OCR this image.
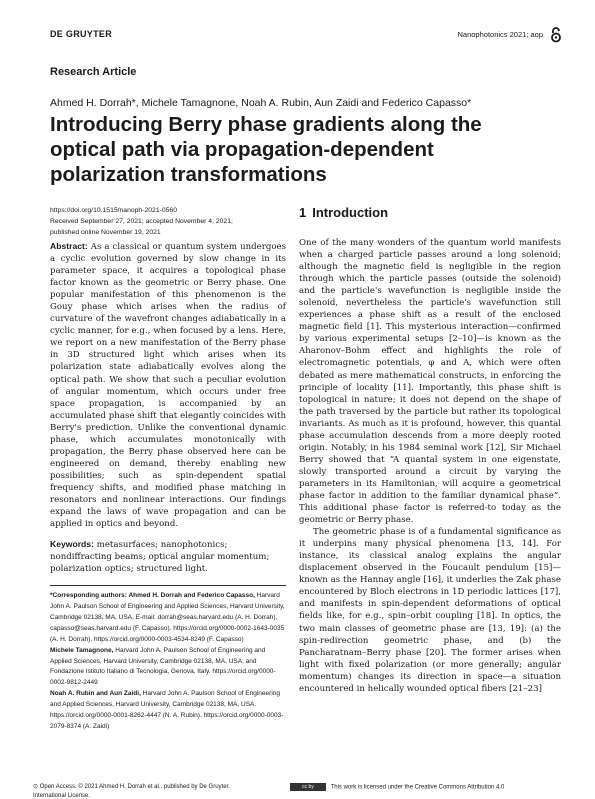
DE GRUYTER	Nanophotonics 2021; aop
Research Article
Ahmed H. Dorrah*, Michele Tamagnone, Noah A. Rubin, Aun Zaidi and Federico Capasso*
Introducing Berry phase gradients along the optical path via propagation-dependent polarization transformations
https://doi.org/10.1515/nanoph-2021-0560
Received September 27, 2021; accepted November 4, 2021;
published online November 19, 2021

Abstract: As a classical or quantum system undergoes a cyclic evolution governed by slow change in its parameter space, it acquires a topological phase factor known as the geometric or Berry phase. One popular manifestation of this phenomenon is the Gouy phase which arises when the radius of curvature of the wavefront changes adiabatically in a cyclic manner, for e.g., when focused by a lens. Here, we report on a new manifestation of the Berry phase in 3D structured light which arises when its polarization state adiabatically evolves along the optical path. We show that such a peculiar evolution of angular momentum, which occurs under free space propagation, is accompanied by an accumulated phase shift that elegantly coincides with Berry's prediction. Unlike the conventional dynamic phase, which accumulates monotonically with propagation, the Berry phase observed here can be engineered on demand, thereby enabling new possibilities; such as spin-dependent spatial frequency shifts, and modified phase matching in resonators and nonlinear interactions. Our findings expand the laws of wave propagation and can be applied in optics and beyond.

Keywords: metasurfaces; nanophotonics; nondiffracting beams; optical angular momentum; polarization optics; structured light.

*Corresponding authors: Ahmed H. Dorrah and Federico Capasso, Harvard John A. Paulson School of Engineering and Applied Sciences, Harvard University, Cambridge 02138, MA, USA, E-mail: dorrah@seas.harvard.edu (A. H. Dorrah), capasso@seas.harvard.edu (F. Capasso). https://orcid.org/0000-0002-1643-0035 (A. H. Dorrah). https://orcid.org/0000-0003-4534-8249 (F. Capasso)
Michele Tamagnone, Harvard John A. Paulson School of Engineering and Applied Sciences, Harvard University, Cambridge 02138, MA, USA; and Fondazione Istituto Italiano di Tecnologia, Genova, Italy. https://orcid.org/0000-0002-9812-2449
Noah A. Rubin and Aun Zaidi, Harvard John A. Paulson School of Engineering and Applied Sciences, Harvard University, Cambridge 02138, MA, USA. https://orcid.org/0000-0001-8262-4447 (N. A. Rubin). https://orcid.org/0000-0003-2079-8374 (A. Zaidi)

1 Introduction

One of the many wonders of the quantum world manifests when a charged particle passes around a long solenoid; although the magnetic field is negligible in the region through which the particle passes (outside the solenoid) and the particle's wavefunction is negligible inside the solenoid, nevertheless the particle's wavefunction still experiences a phase shift as a result of the enclosed magnetic field [1]. This mysterious interaction—confirmed by various experimental setups [2–10]—is known as the Aharonov–Bohm effect and highlights the role of electromagnetic potentials, φ and A, which were often debated as mere mathematical constructs, in enforcing the principle of locality [11]. Importantly, this phase shift is topological in nature; it does not depend on the shape of the path traversed by the particle but rather its topological invariants. As much as it is profound, however, this quantal phase accumulation descends from a more deeply rooted origin. Notably, in his 1984 seminal work [12], Sir Michael Berry showed that “A quantal system in one eigenstate, slowly transported around a circuit by varying the parameters in its Hamiltonian, will acquire a geometrical phase factor in addition to the familiar dynamical phase”. This additional phase factor is referred-to today as the geometric or Berry phase.

The geometric phase is of a fundamental significance as it underpins many physical phenomena [13, 14]. For instance, its classical analog explains the angular displacement observed in the Foucault pendulum [15]—known as the Hannay angle [16], it underlies the Zak phase encountered by Bloch electrons in 1D periodic lattices [17], and manifests in spin-dependent deformations of optical fields like, for e.g., spin–orbit coupling [18]. In optics, the two main classes of geometric phase are [13, 19]: (a) the spin-redirection geometric phase, and (b) the Pancharatnam–Berry phase [20]. The former arises when light with fixed polarization (or more generally; angular momentum) changes its direction in space—a situation encountered in helically wounded optical fibers [21–23]

⊙ Open Access. © 2021 Ahmed H. Dorrah et al., published by De Gruyter.	cc by	This work is licensed under the Creative Commons Attribution 4.0
International License.
